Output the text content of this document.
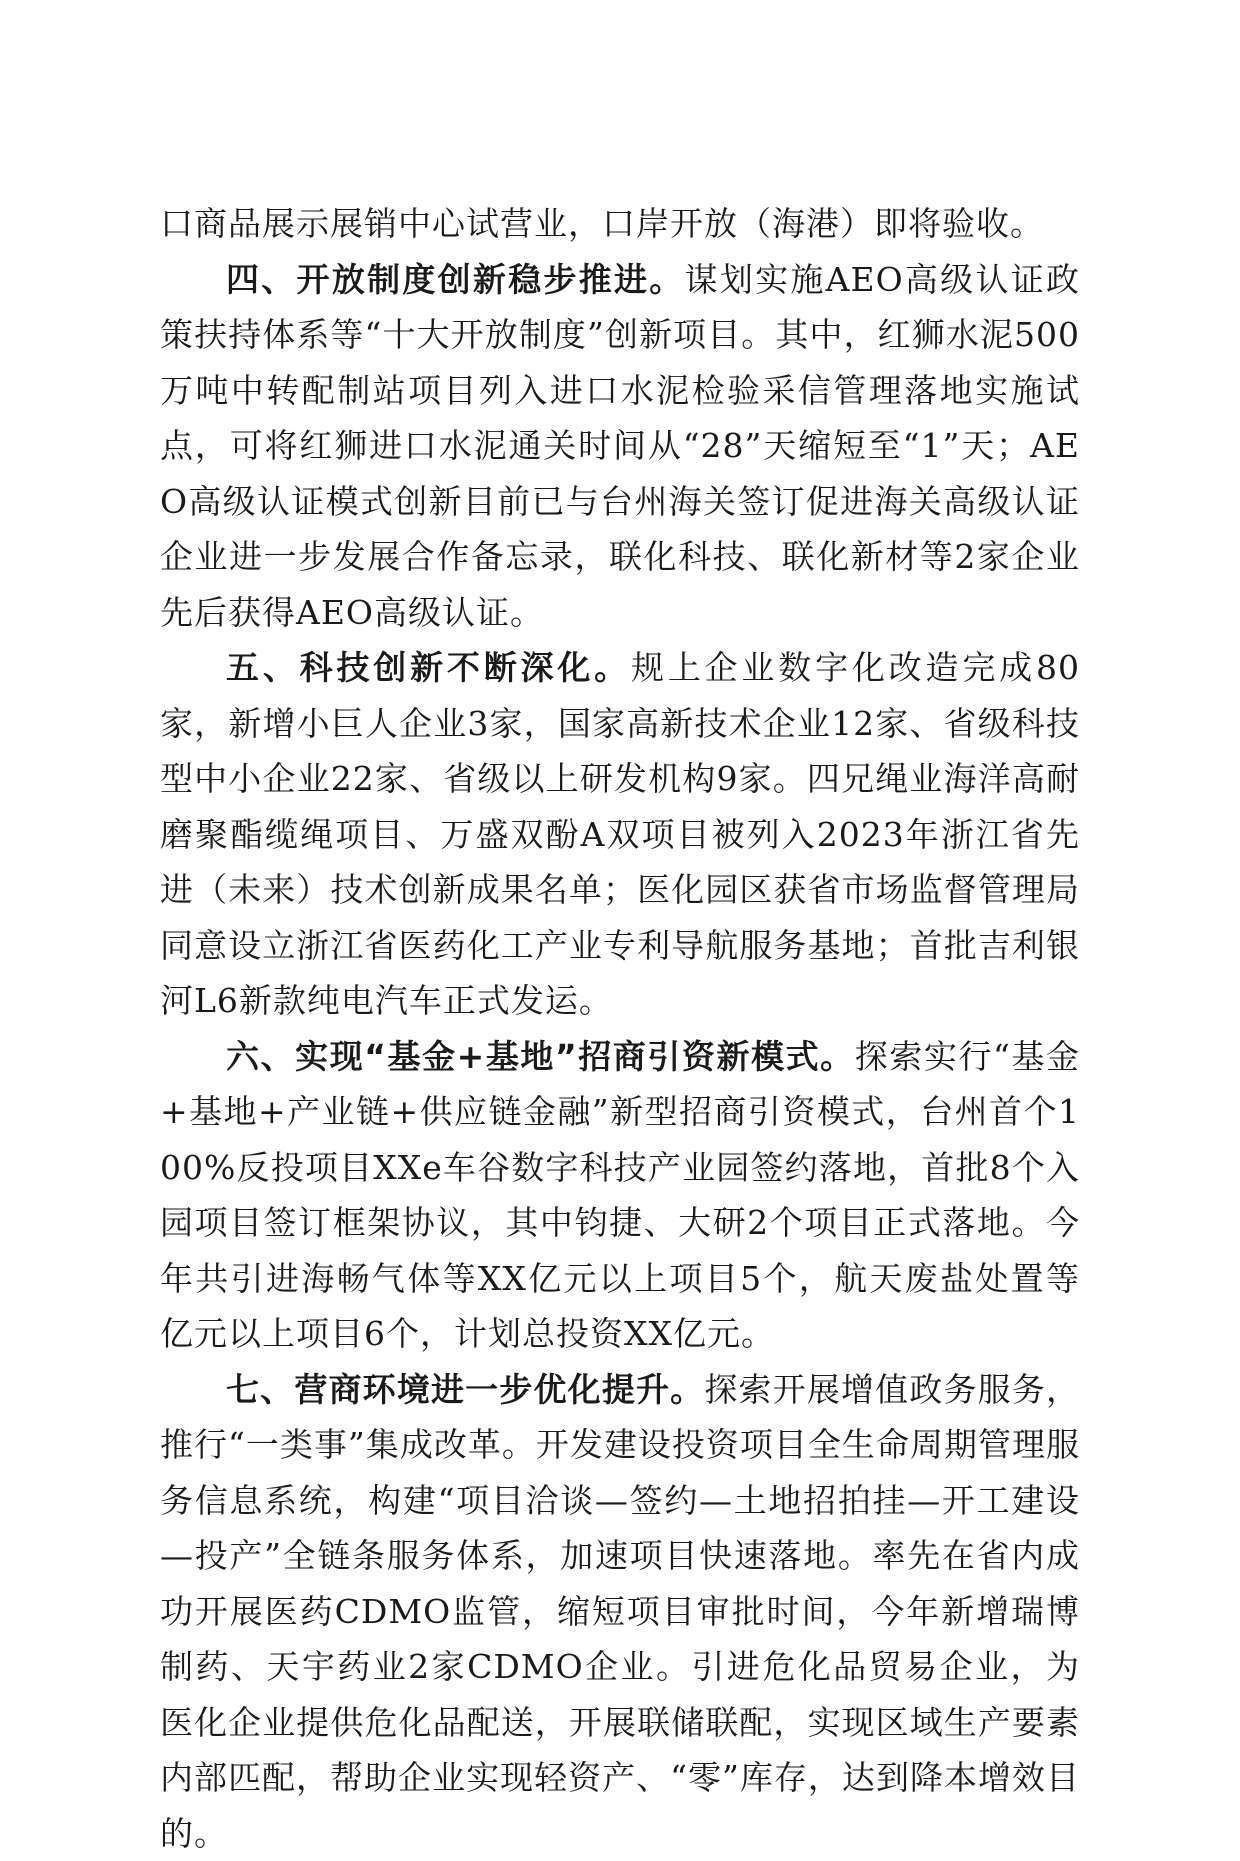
口商品展示展销中心试营业，口岸开放（海港）即将验收。

四、开放制度创新稳步推进。谋划实施AEO高级认证政策扶持体系等“十大开放制度”创新项目。其中，红狮水泥500万吨中转配制站项目列入进口水泥检验采信管理落地实施试点，可将红狮进口水泥通关时间从“28”天缩短至“1”天；AEO高级认证模式创新目前已与台州海关签订促进海关高级认证企业进一步发展合作备忘录，联化科技、联化新材等2家企业先后获得AEO高级认证。

五、科技创新不断深化。规上企业数字化改造完成80家，新增小巨人企业3家，国家高新技术企业12家、省级科技型中小企业22家、省级以上研发机构9家。四兄绳业海洋高耐磨聚酯缆绳项目、万盛双酚A双项目被列入2023年浙江省先进（未来）技术创新成果名单；医化园区获省市场监督管理局同意设立浙江省医药化工产业专利导航服务基地；首批吉利银河L6新款纯电汽车正式发运。

六、实现“基金+基地”招商引资新模式。探索实行“基金+基地+产业链+供应链金融”新型招商引资模式，台州首个100%反投项目XXe车谷数字科技产业园签约落地，首批8个入园项目签订框架协议，其中钧捷、大研2个项目正式落地。今年共引进海畅气体等XX亿元以上项目5个，航天废盐处置等亿元以上项目6个，计划总投资XX亿元。

七、营商环境进一步优化提升。探索开展增值政务服务，推行“一类事”集成改革。开发建设投资项目全生命周期管理服务信息系统，构建“项目洽谈—签约—土地招拍挂—开工建设—投产”全链条服务体系，加速项目快速落地。率先在省内成功开展医药CDMO监管，缩短项目审批时间，今年新增瑞博制药、天宇药业2家CDMO企业。引进危化品贸易企业，为医化企业提供危化品配送，开展联储联配，实现区域生产要素内部匹配，帮助企业实现轻资产、“零”库存，达到降本增效目的。
